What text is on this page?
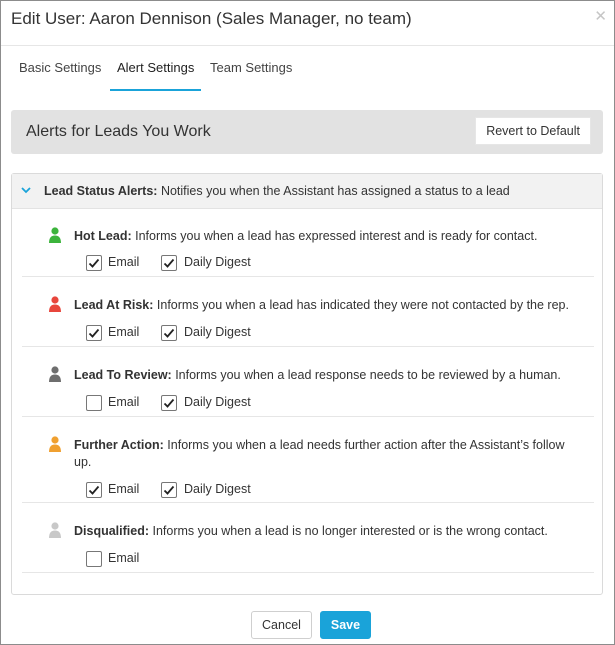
Edit User: Aaron Dennison (Sales Manager, no team)	✕
Basic Settings	Alert Settings	Team Settings
Alerts for Leads You Work	Revert to Default
Lead Status Alerts: Notifies you when the Assistant has assigned a status to a lead
Hot Lead: Informs you when a lead has expressed interest and is ready for contact.
Email	Daily Digest
Lead At Risk: Informs you when a lead has indicated they were not contacted by the rep.
Email	Daily Digest
Lead To Review: Informs you when a lead response needs to be reviewed by a human.
Email	Daily Digest
Further Action: Informs you when a lead needs further action after the Assistant’s follow up.
Email	Daily Digest
Disqualified: Informs you when a lead is no longer interested or is the wrong contact.
Email
Cancel	Save
